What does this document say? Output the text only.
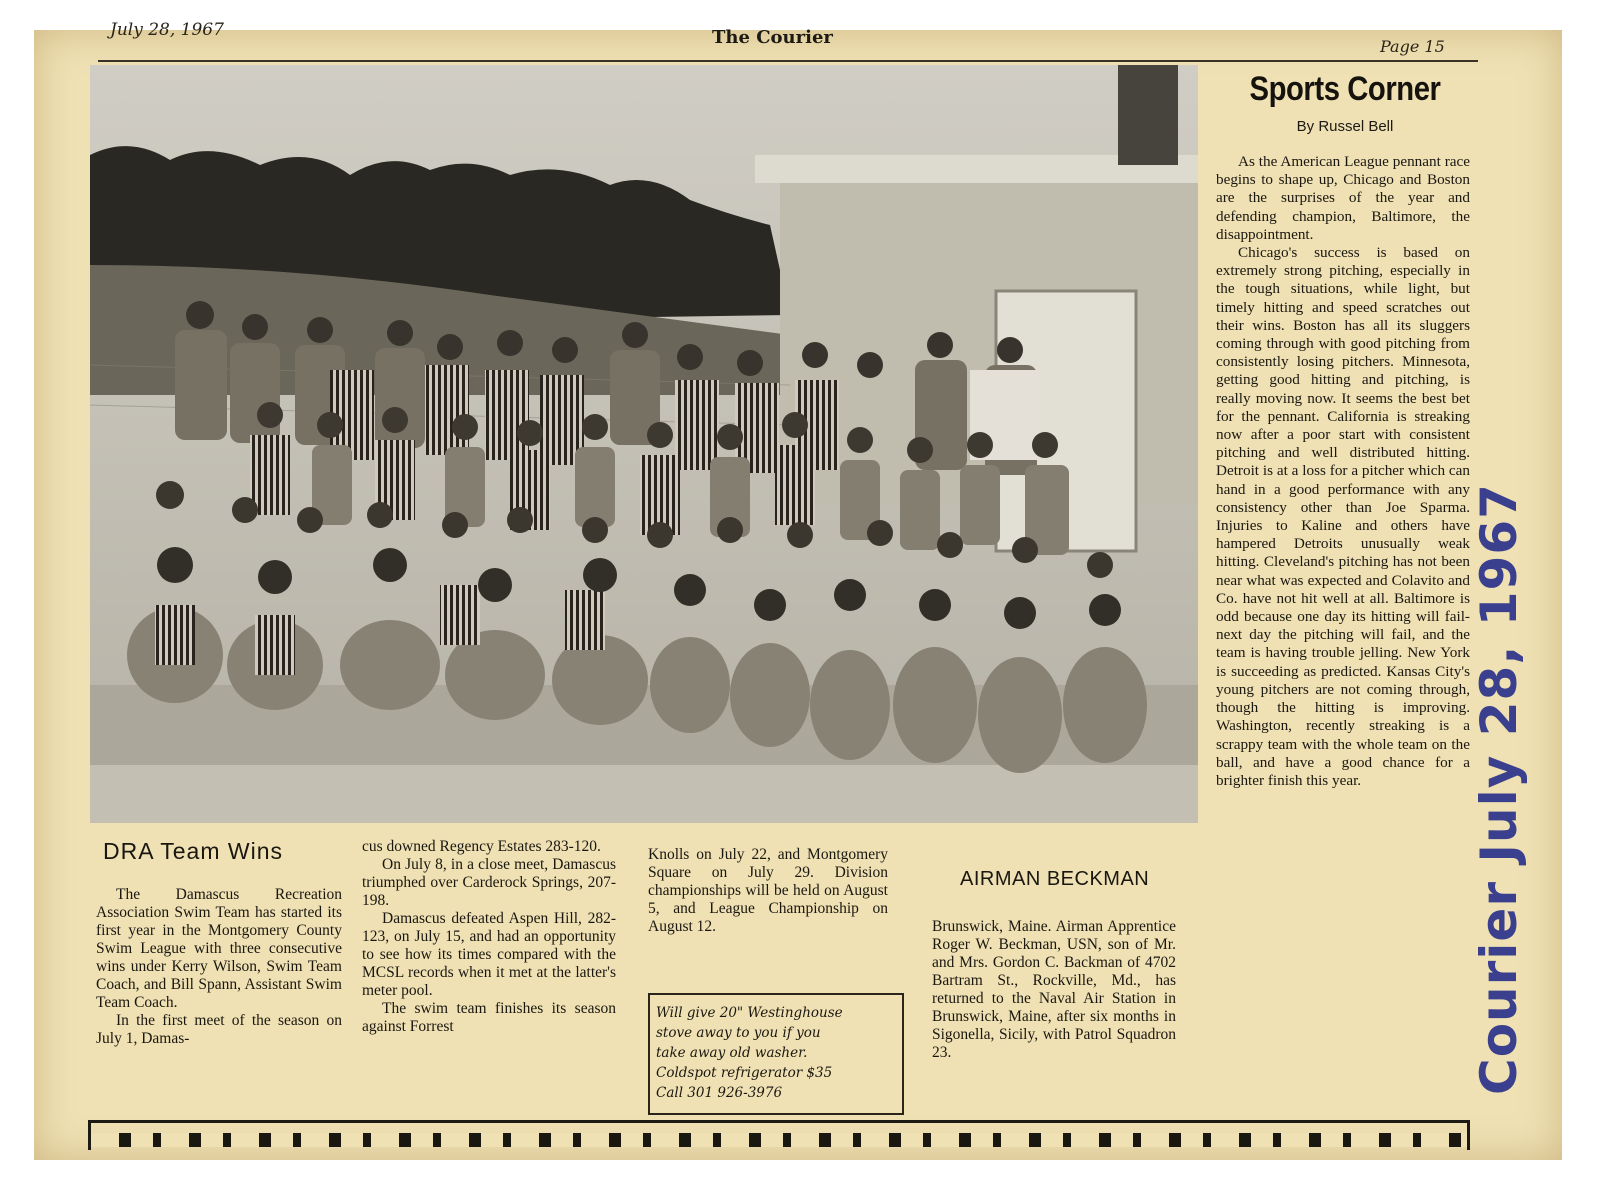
July 28, 1967	The Courier	Page 15
Sports Corner
By Russel Bell

As the American League pennant race begins to shape up, Chicago and Boston are the surprises of the year and defending champion, Baltimore, the disappointment.

Chicago's success is based on extremely strong pitching, especially in the tough situations, while light, but timely hitting and speed scratches out their wins. Boston has all its sluggers coming through with good pitching from consistently losing pitchers. Minnesota, getting good hitting and pitching, is really moving now. It seems the best bet for the pennant. California is streaking now after a poor start with consistent pitching and well distributed hitting. Detroit is at a loss for a pitcher which can hand in a good performance with any consistency other than Joe Sparma. Injuries to Kaline and others have hampered Detroits unusually weak hitting. Cleveland's pitching has not been near what was expected and Colavito and Co. have not hit well at all. Baltimore is odd because one day its hitting will fail-next day the pitching will fail, and the team is having trouble jelling. New York is succeeding as predicted. Kansas City's young pitchers are not coming through, though the hitting is improving. Washington, recently streaking is a scrappy team with the whole team on the ball, and have a good chance for a brighter finish this year.

DRA Team Wins

The Damascus Recreation Association Swim Team has started its first year in the Montgomery County Swim League with three consecutive wins under Kerry Wilson, Swim Team Coach, and Bill Spann, Assistant Swim Team Coach.

In the first meet of the season on July 1, Damas-

cus downed Regency Estates 283-120.

On July 8, in a close meet, Damascus triumphed over Carderock Springs, 207-198.

Damascus defeated Aspen Hill, 282-123, on July 15, and had an opportunity to see how its times compared with the MCSL records when it met at the latter's meter pool.

The swim team finishes its season against Forrest

Knolls on July 22, and Montgomery Square on July 29. Division championships will be held on August 5, and League Championship on August 12.

Will give 20" Westinghouse
stove away to you if you
take away old washer.
Coldspot refrigerator $35
Call 301 926-3976
AIRMAN BECKMAN

Brunswick, Maine. Airman Apprentice Roger W. Beckman, USN, son of Mr. and Mrs. Gordon C. Backman of 4702 Bartram St., Rockville, Md., has returned to the Naval Air Station in Brunswick, Maine, after six months in Sigonella, Sicily, with Patrol Squadron 23.	Courier July 28, 1967
